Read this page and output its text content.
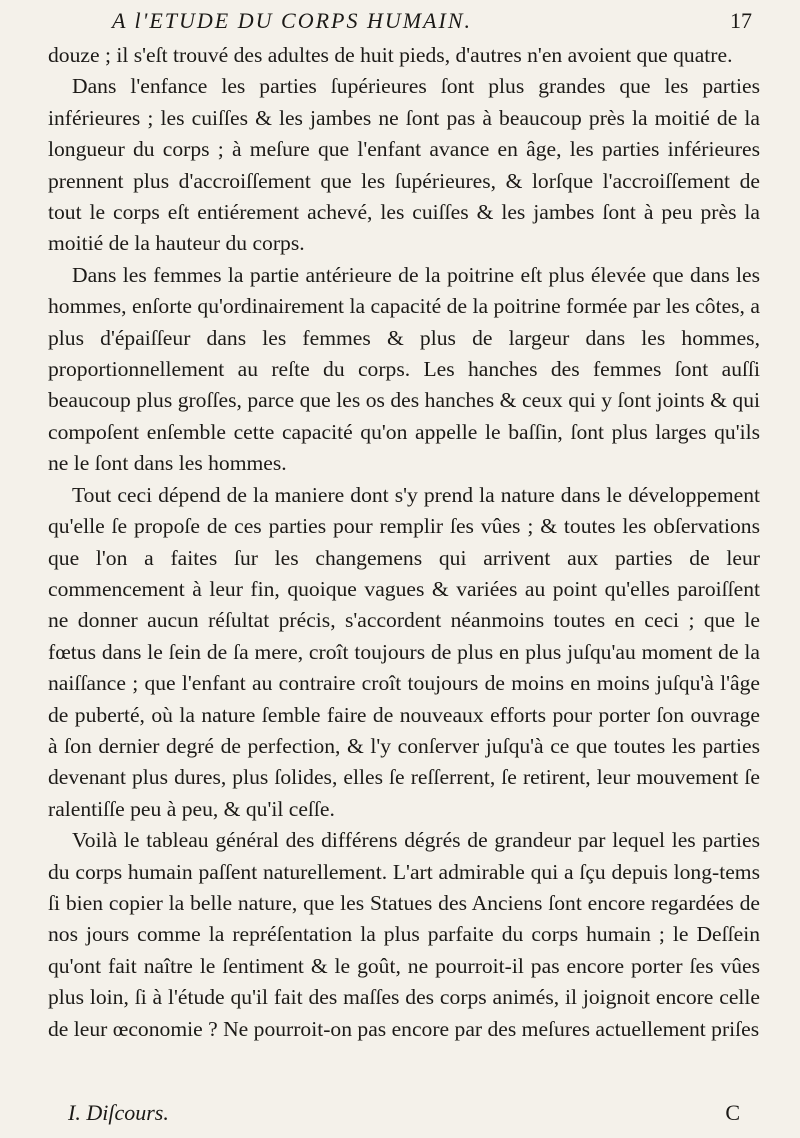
A l'ETUDE DU CORPS HUMAIN.	17

douze ; il s'eſt trouvé des adultes de huit pieds, d'autres n'en avoient que quatre.

Dans l'enfance les parties ſupérieures ſont plus grandes que les parties inférieures ; les cuiſſes & les jambes ne ſont pas à beaucoup près la moitié de la longueur du corps ; à meſure que l'enfant avance en âge, les parties inférieures prennent plus d'accroiſſement que les ſupérieures, & lorſque l'accroiſſement de tout le corps eſt entiérement achevé, les cuiſſes & les jambes ſont à peu près la moitié de la hauteur du corps.

Dans les femmes la partie antérieure de la poitrine eſt plus élevée que dans les hommes, enſorte qu'ordinairement la capacité de la poitrine formée par les côtes, a plus d'épaiſſeur dans les femmes & plus de largeur dans les hommes, proportionnellement au reſte du corps. Les hanches des femmes ſont auſſi beaucoup plus groſſes, parce que les os des hanches & ceux qui y ſont joints & qui compoſent enſemble cette capacité qu'on appelle le baſſin, ſont plus larges qu'ils ne le ſont dans les hommes.

Tout ceci dépend de la maniere dont s'y prend la nature dans le développement qu'elle ſe propoſe de ces parties pour remplir ſes vûes ; & toutes les obſervations que l'on a faites ſur les changemens qui arrivent aux parties de leur commencement à leur fin, quoique vagues & variées au point qu'elles paroiſſent ne donner aucun réſultat précis, s'accordent néanmoins toutes en ceci ; que le fœtus dans le ſein de ſa mere, croît toujours de plus en plus juſqu'au moment de la naiſſance ; que l'enfant au contraire croît toujours de moins en moins juſqu'à l'âge de puberté, où la nature ſemble faire de nouveaux efforts pour porter ſon ouvrage à ſon dernier degré de perfection, & l'y conſerver juſqu'à ce que toutes les parties devenant plus dures, plus ſolides, elles ſe reſſerrent, ſe retirent, leur mouvement ſe ralentiſſe peu à peu, & qu'il ceſſe.

Voilà le tableau général des différens dégrés de grandeur par lequel les parties du corps humain paſſent naturellement. L'art admirable qui a ſçu depuis long-tems ſi bien copier la belle nature, que les Statues des Anciens ſont encore regardées de nos jours comme la repréſentation la plus parfaite du corps humain ; le Deſſein qu'ont fait naître le ſentiment & le goût, ne pourroit-il pas encore porter ſes vûes plus loin, ſi à l'étude qu'il fait des maſſes des corps animés, il joignoit encore celle de leur œconomie ? Ne pourroit-on pas encore par des meſures actuellement priſes

I. Diſcours.	C
